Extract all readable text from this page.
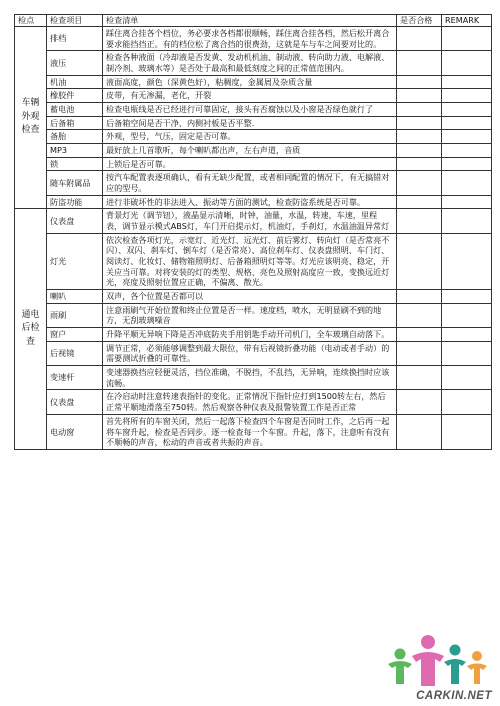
检点	检查项目	检查清单	是否合格	REMARK
车辆外观检查	排档	踩住离合挂各个档位，务必要求各档都很顺畅，踩住离合挂各档，然后松开离合要求能挡挡正。有的档位松了离合挡的很费劲，这就是车与车之间要对比的。		
	液压	检查各种液面（冷却液是否发黄、发动机机油、制动液、转向助力液、电解液、制冷剂、玻璃水等）是否处于最高和最低刻度之间的正常值范围内。		
	机油	液面高度，颜色（深黄色好），粘稠度，金属屑及杂质含量		
	橡胶件	皮带，有无渗漏，老化，开裂		
	蓄电池	检查电瓶线是否已经进行可靠固定，接头有否腐蚀以及小窗是否绿色就行了		
	后备箱	后备箱空间是否干净、内侧衬板是否平整.		
	备胎	外观，型号，气压，固定是否可靠。		
	MP3	最好放上几首歌听，每个喇叭都出声，左右声道，音质		
	锁	上锁后是否可靠。		
	随车附属品	按汽车配置表逐项确认，看有无缺少配置，或者相同配置的情况下，有无搞错对应的型号。		
	防盗功能	进行非破坏性的非法进入、振动等方面的测试，检查防盗系统是否可靠。		
通电后检查	仪表盘	背景灯光（调节钮），液晶显示清晰，时钟，油量，水温，转速，车速，里程表，调节显示模式ABS灯，车门开启提示灯，机油灯，手刹灯，水温油温异常灯		
	灯光	依次检查各项灯光，示宽灯、近光灯、远光灯、前后雾灯、转向灯（是否常亮不闪）、双闪、刹车灯、倒车灯（是否常亮）、高位刹车灯、仪表盘照明、车门灯、阅读灯、化妆灯、储物箱照明灯、后备箱照明灯等等。灯光应该明亮、稳定，开关应当可靠。对将安装的灯的类型、规格、亮色及照射高度应一致，变换远近灯光，亮度及照射位置应正确，不偏离、散光。		
	喇叭	双声，各个位置是否都可以		
	雨刷	注意雨刷气开始位置和终止位置是否一样。速度档，喷水，无明显刷不到的地方，无刮玻璃噪音		
	窗户	升降平顺无异响下降是否冲底防夹手用钥匙手动开司机门，全车玻璃自动落下。		
	后视镜	调节正常，必须能够调整到最大限位，带有后视镜折叠功能（电动或者手动）的需要测试折叠的可靠性。		
	变速杆	变速器换挡应轻便灵活，挡位准确，不脱挡，不乱挡，无异响，连续换挡时应该流畅。		
	仪表盘	在冷启动时注意转速表指针的变化。正常情况下指针应打到1500转左右，然后正常平顺地滑落至750转。然后观察各种仪表及报警装置工作是否正常		
	电动窗	首先将所有的车窗关闭，然后一起落下检查四个车窗是否同时工作，之后再一起将车窗升起，检查是否同步。逐一检查每一个车窗。升起，落下，注意听有没有不顺畅的声音，松动的声音或者共振的声音。		
CARKIN.NET
